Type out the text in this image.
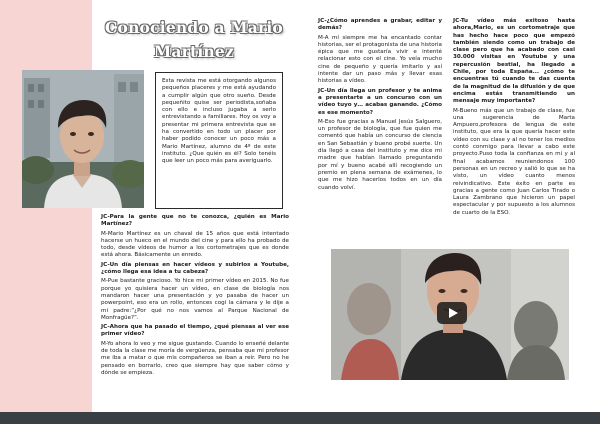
Conociendo a Mario Martínez

Esta revista me está otorgando algunos pequeños placeres y me está ayudando a cumplir algún que otro sueño. Desde pequeñito quise ser periodista,soñaba con ello e incluso jugaba a serlo entrevistando a familiares. Hoy os voy a presentar mi primera entrevista que se ha convertido en todo un placer por haber podido conocer un poco más a Mario Martínez, alumno de 4º de este instituto. ¿Que quién es él? Solo tenéis que leer un poco más para averiguarlo.

JC-Para la gente que no te conozca, ¿quién es Mario Martínez?

M-Mario Martínez es un chaval de 15 años que está intentado hacerse un hueco en el mundo del cine y para ello ha probado de todo, desde vídeos de humor a los cortometrajes que es donde está ahora. Básicamente un enredo.

JC-Un día piensas en hacer vídeos y subirlos a Youtube, ¿cómo llega esa idea a tu cabeza?

M-Pue bastante gracioso. Yo hice mi primer vídeo en 2015. No fue porque yo quisiera hacer un vídeo, en clase de biología nos mandaron hacer una presentación y yo pasaba de hacer un powerpoint, eso era un rollo, entonces cogí la cámara y le dije a mi padre:”¿Por qué no nos vamos al Parque Nacional de Monfragüe?”.

JC-Ahora que ha pasado el tiempo, ¿qué piensas al ver ese primer vídeo?

M-Yo ahora lo veo y me sigue gustando. Cuando lo enseñé delante de toda la clase me moría de vergüenza, pensaba que mi profesor me iba a matar o que mis compañeros se iban a reír. Pero no he pensado en borrarlo, creo que siempre hay que saber cómo y dónde se empieza.

JC-¿Cómo aprendes a grabar, editar y demás?

M-A mí siempre me ha encantado contar historias, ser el protagonista de una historia épica que me gustaría vivir e intenté relacionar esto con el cine. Yo veía mucho cine de pequeño y quería imitarlo y así intente dar un paso más y llevar esas historias a vídeo.

JC-Un día llega un profesor y te anima a presentarte a un concurso con un vídeo tuyo y… acabas ganando. ¿Cómo es ese momento?

M-Eso fue gracias a Manuel Jesús Salguero, un profesor de biología, que fue quien me comentó que había un concurso de ciencia en San Sebastián y bueno probé suerte. Un día llegó a casa del instituto y me dice mi madre que habían llamado preguntando por mí y bueno acabé allí recogiendo un premio en plena semana de exámenes, lo que me hizo hacerlos todos en un día cuando volví.

JC-Tu vídeo más exitoso hasta ahora,Mario, es un cortometraje que has hecho hace poco que empezó también siendo como un trabajo de clase pero que ha acabado con casi 30.000 visitas en Youtube y una repercusión bestial, ha llegado a Chile, por toda España... ¿cómo te encuentras tú cuando te das cuenta de la magnitud de la difusión y de que encima estás transmitiendo un mensaje muy importante?

M-Bueno más que un trabajo de clase, fue una sugerencia de Marta Ampuero,profesora de lengua de este instituto, que era la que quería hacer este vídeo con su clase y al no tener los medios contó conmigo para llevar a cabo este proyecto.Puso toda la confianza en mí y al final acabamos reuniendonos 100 personas en un recreo y salió lo que se ha visto, un vídeo cuanto menos reivindicativo. Este éxito en parte es gracias a gente como Juan Carlos Tirado o Laura Zambrano que hicieron un papel espectacular y por supuesto a los alumnos de cuarto de la ESO.
